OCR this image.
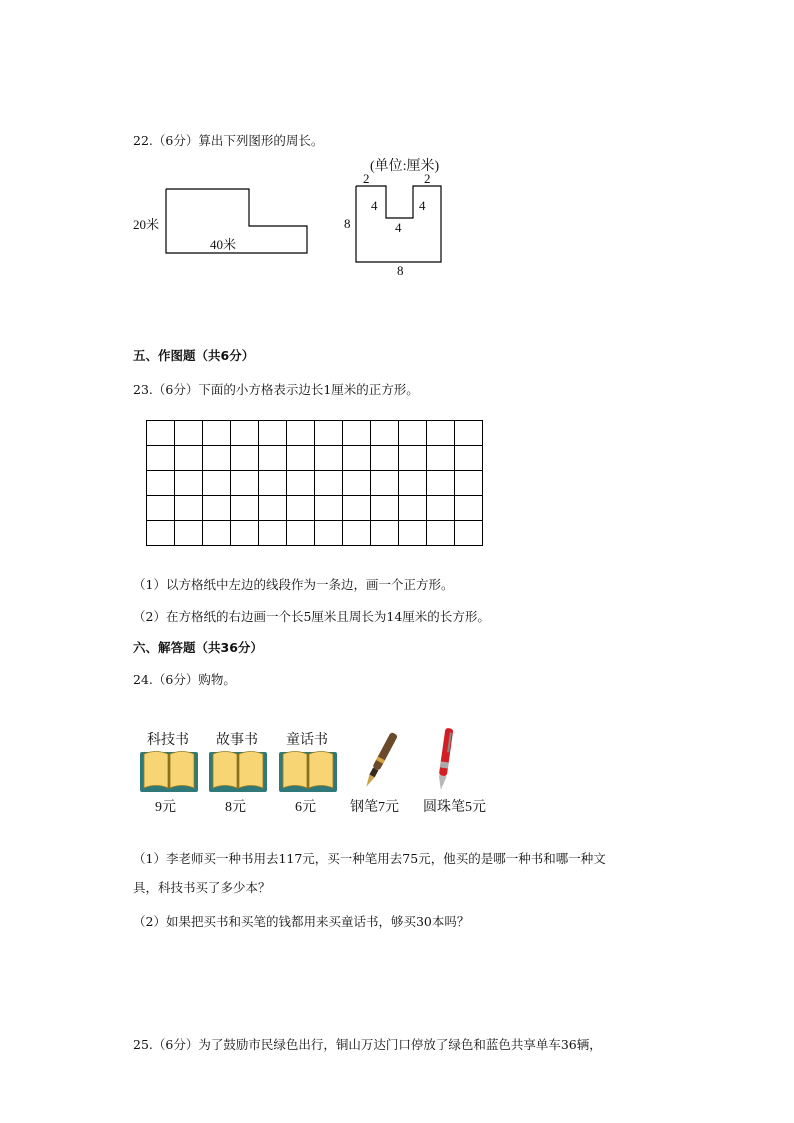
22.（6分）算出下列图形的周长。
20米
40米
(单位:厘米)
2	2
4	4
4
8
8
五、作图题（共6分）
23.（6分）下面的小方格表示边长1厘米的正方形。

（1）以方格纸中左边的线段作为一条边，画一个正方形。
（2）在方格纸的右边画一个长5厘米且周长为14厘米的长方形。
六、解答题（共36分）
24.（6分）购物。
科技书
9元
故事书
8元
童话书
6元 钢笔7元 圆珠笔5元
（1）李老师买一种书用去117元，买一种笔用去75元，他买的是哪一种书和哪一种文
具，科技书买了多少本？
（2）如果把买书和买笔的钱都用来买童话书，够买30本吗？
25.（6分）为了鼓励市民绿色出行，铜山万达门口停放了绿色和蓝色共享单车36辆，
